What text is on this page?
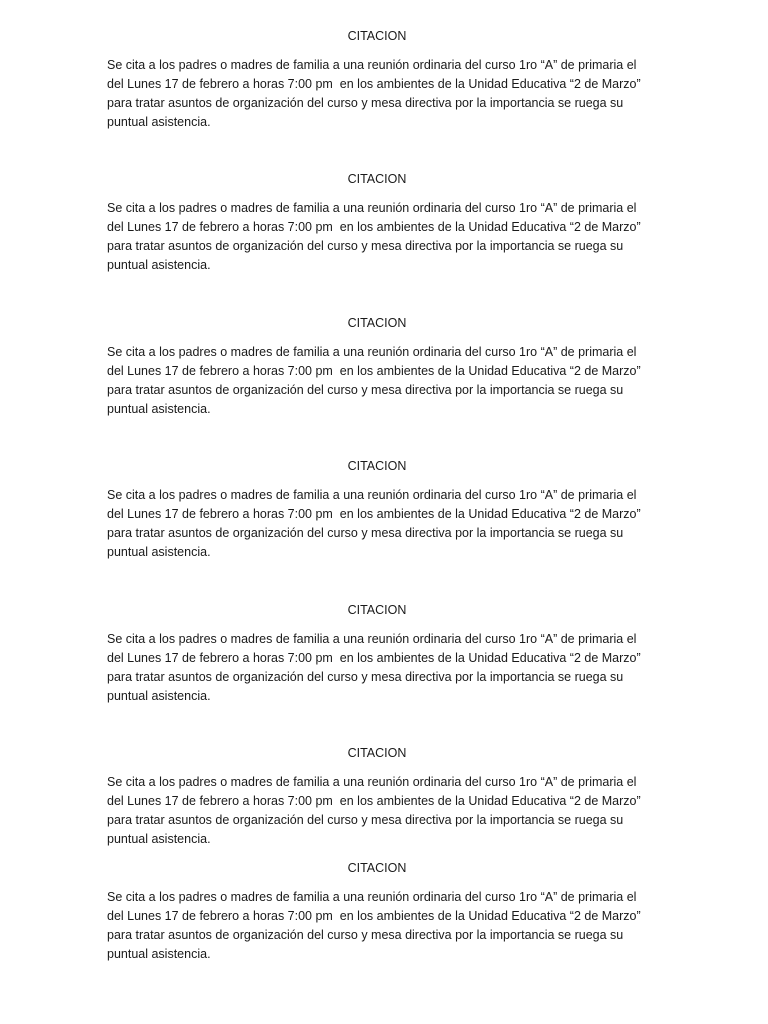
CITACION

Se cita a los padres o madres de familia a una reunión ordinaria del curso 1ro “A” de primaria el
del Lunes 17 de febrero a horas 7:00 pm  en los ambientes de la Unidad Educativa “2 de Marzo”
para tratar asuntos de organización del curso y mesa directiva por la importancia se ruega su
puntual asistencia.

CITACION

Se cita a los padres o madres de familia a una reunión ordinaria del curso 1ro “A” de primaria el
del Lunes 17 de febrero a horas 7:00 pm  en los ambientes de la Unidad Educativa “2 de Marzo”
para tratar asuntos de organización del curso y mesa directiva por la importancia se ruega su
puntual asistencia.

CITACION

Se cita a los padres o madres de familia a una reunión ordinaria del curso 1ro “A” de primaria el
del Lunes 17 de febrero a horas 7:00 pm  en los ambientes de la Unidad Educativa “2 de Marzo”
para tratar asuntos de organización del curso y mesa directiva por la importancia se ruega su
puntual asistencia.

CITACION

Se cita a los padres o madres de familia a una reunión ordinaria del curso 1ro “A” de primaria el
del Lunes 17 de febrero a horas 7:00 pm  en los ambientes de la Unidad Educativa “2 de Marzo”
para tratar asuntos de organización del curso y mesa directiva por la importancia se ruega su
puntual asistencia.

CITACION

Se cita a los padres o madres de familia a una reunión ordinaria del curso 1ro “A” de primaria el
del Lunes 17 de febrero a horas 7:00 pm  en los ambientes de la Unidad Educativa “2 de Marzo”
para tratar asuntos de organización del curso y mesa directiva por la importancia se ruega su
puntual asistencia.

CITACION

Se cita a los padres o madres de familia a una reunión ordinaria del curso 1ro “A” de primaria el
del Lunes 17 de febrero a horas 7:00 pm  en los ambientes de la Unidad Educativa “2 de Marzo”
para tratar asuntos de organización del curso y mesa directiva por la importancia se ruega su
puntual asistencia.

CITACION

Se cita a los padres o madres de familia a una reunión ordinaria del curso 1ro “A” de primaria el
del Lunes 17 de febrero a horas 7:00 pm  en los ambientes de la Unidad Educativa “2 de Marzo”
para tratar asuntos de organización del curso y mesa directiva por la importancia se ruega su
puntual asistencia.
